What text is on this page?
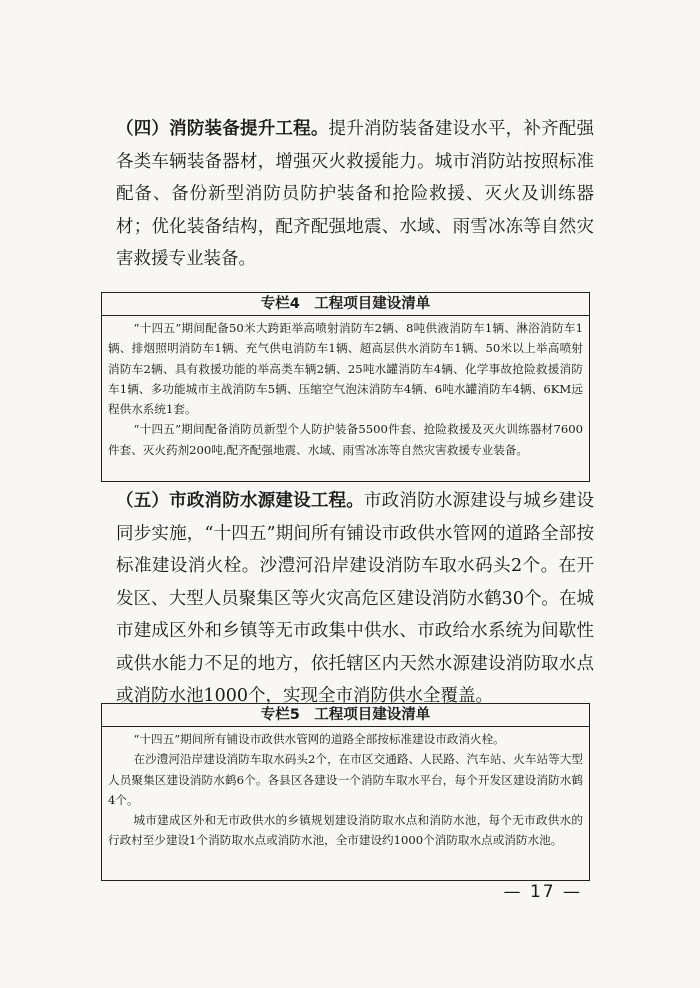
（四）消防装备提升工程。提升消防装备建设水平，补齐配强各类车辆装备器材，增强灭火救援能力。城市消防站按照标准配备、备份新型消防员防护装备和抢险救援、灭火及训练器材；优化装备结构，配齐配强地震、水域、雨雪冰冻等自然灾害救援专业装备。
专栏4　工程项目建设清单

“十四五”期间配备50米大跨距举高喷射消防车2辆、8吨供液消防车1辆、淋浴消防车1辆、排烟照明消防车1辆、充气供电消防车1辆、超高层供水消防车1辆、50米以上举高喷射消防车2辆、具有救援功能的举高类车辆2辆、25吨水罐消防车4辆、化学事故抢险救援消防车1辆、多功能城市主战消防车5辆、压缩空气泡沫消防车4辆、6吨水罐消防车4辆、6KM远程供水系统1套。

“十四五”期间配备消防员新型个人防护装备5500件套、抢险救援及灭火训练器材7600件套、灭火药剂200吨,配齐配强地震、水域、雨雪冰冻等自然灾害救援专业装备。

（五）市政消防水源建设工程。市政消防水源建设与城乡建设同步实施，“十四五”期间所有铺设市政供水管网的道路全部按标准建设消火栓。沙澧河沿岸建设消防车取水码头2个。在开发区、大型人员聚集区等火灾高危区建设消防水鹤30个。在城市建成区外和乡镇等无市政集中供水、市政给水系统为间歇性或供水能力不足的地方，依托辖区内天然水源建设消防取水点或消防水池1000个，实现全市消防供水全覆盖。
专栏5　工程项目建设清单

“十四五”期间所有铺设市政供水管网的道路全部按标准建设市政消火栓。

在沙澧河沿岸建设消防车取水码头2个，在市区交通路、人民路、汽车站、火车站等大型人员聚集区建设消防水鹤6个。各县区各建设一个消防车取水平台，每个开发区建设消防水鹤4个。

城市建成区外和无市政供水的乡镇规划建设消防取水点和消防水池，每个无市政供水的行政村至少建设1个消防取水点或消防水池，全市建设约1000个消防取水点或消防水池。

— 17 —
